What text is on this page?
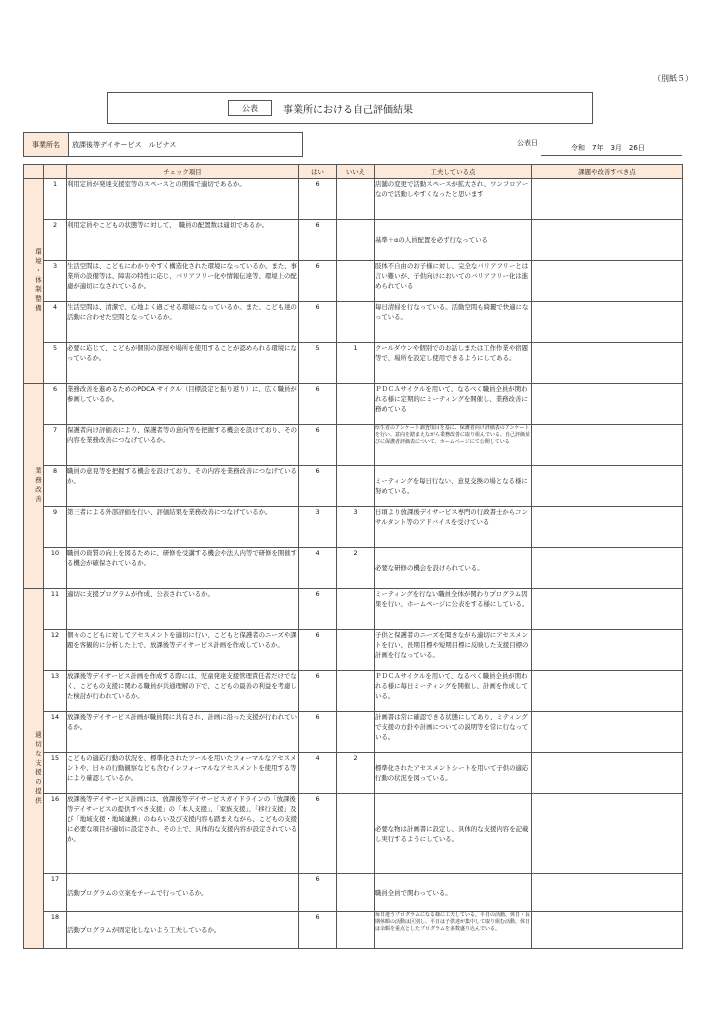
（別紙５）
公表	事業所における自己評価結果
事業所名	放課後等デイサービス　ルピナス	公表日
令和　7年　3月　26日
		チェック項目	はい	いいえ	工夫している点	課題や改善すべき点
環境・体制整備	1	利用定員が発達支援室等のスペースとの関係で適切であるか。	6		店舗の変更で活動スペースが拡大され、ワンフロアーなので活動しやすくなったと思います	
	2	利用定員やこどもの状態等に対して、　職員の配置数は適切であるか。	6		基準＋αの人員配置を必ず行なっている	
	3	生活空間は、こどもにわかりやすく構造化された環境になっているか。また、事業所の設備等は、障害の特性に応じ、バリアフリー化や情報伝達等、環境上の配慮が適切になされているか。	6		肢体不自由のお子様に対し、完全なバリアフリーとは言い難いが、子供向けにおいてのバリアフリー化は進められている	
	4	生活空間は、清潔で、心地よく過ごせる環境になっているか。また、こども達の活動に合わせた空間となっているか。	6		毎日清掃を行なっている。活動空間も綺麗で快適になっている。	
	5	必要に応じて、こどもが個別の部屋や場所を使用することが認められる環境になっているか。	5	1	クールダウンや個別でのお話しまたは工作作業や宿題等で、場所を設定し使用できるようにしてある。	
業務改善	6	業務改善を進めるためのPDCA サイクル（目標設定と振り返り）に、広く職員が参画しているか。	6		ＰＤＣＡサイクルを用いて、なるべく職員全員が関われる様に定期的にミーティングを開催し、業務改善に務めている	
	7	保護者向け評価表により、保護者等の意向等を把握する機会を設けており、その内容を業務改善につなげているか。	6		厚生省のアンケート調査項目を基に、保護者向け評価表のアンケートを行い、意向を踏まえながら業務改善に取り組んでいる。自己評価並びに保護者評価表について、ホームページにて公開している	
	8	職員の意見等を把握する機会を設けており、その内容を業務改善につなげているか。	6		ミーティングを毎日行ない、意見交換の場となる様に努めている。	
	9	第三者による外部評価を行い、評価結果を業務改善につなげているか。	3	3	日頃より放課後デイサービス専門の行政書士からコンサルタント等のアドバイスを受けている	
	10	職員の資質の向上を図るために、研修を受講する機会や法人内等で研修を開催する機会が確保されているか。	4	2	必要な研修の機会を設けられている。	
適切な支援の提供	11	適切に支援プログラムが作成、公表されているか。	6		ミーティングを行ない職員全体が関わりプログラム因果を行い、ホームページに公表をする様にしている。	
	12	個々のこどもに対してアセスメントを適切に行い、こどもと保護者のニーズや課題を客観的に分析した上で、放課後等デイサービス計画を作成しているか。	6		子供と保護者のニーズを聞きながら適切にアセスメントを行い、長期目標や短期目標に反映した支援目標の計画を行なっている。	
	13	放課後等デイサービス計画を作成する際には、児童発達支援管理責任者だけでなく、こどもの支援に関わる職員が共通理解の下で、こどもの最善の利益を考慮した検討が行われているか。	6		ＰＤＣＡサイクルを用いて、なるべく職員全員が関われる様に毎日ミーティングを開催し、計画を作成している。	
	14	放課後等デイサービス計画が職員間に共有され、計画に沿った支援が行われているか。	6		計画書は常に確認できる状態にしてあり、ミティングで支援の方針や計画についての説明等を常に行なっている。	
	15	こどもの適応行動の状況を、標準化されたツールを用いたフォーマルなアセスメントや、日々の行動観察なども含むインフォーマルなアセスメントを使用する等により確認しているか。	4	2	標準化されたアセスメントシートを用いて子供の適応行動の状況を図っている。	
	16	放課後等デイサービス計画には、放課後等デイサービスガイドラインの「放課後等デイサービスの提供すべき支援」の「本人支援」、「家族支援」、「移行支援」及び「地域支援・地域連携」のねらい及び支援内容も踏まえながら、こどもの支援に必要な項目が適切に設定され、その上で、具体的な支援内容が設定されているか。	6		必要な物は計画書に設定し、具体的な支援内容を記載し実行するようにしている。	
	17	活動プログラムの立案をチームで行っているか。	6		職員全員で関わっている。	
	18	活動プログラムが固定化しないよう工夫しているか。	6		毎日違うプログラムになる様に工夫している。平日の活動、休日・長期休暇の活動は区別し、平日は子供達が集中して取り組む活動、休日は余暇を重点としたプログラムを多数盛り込んでいる。	
